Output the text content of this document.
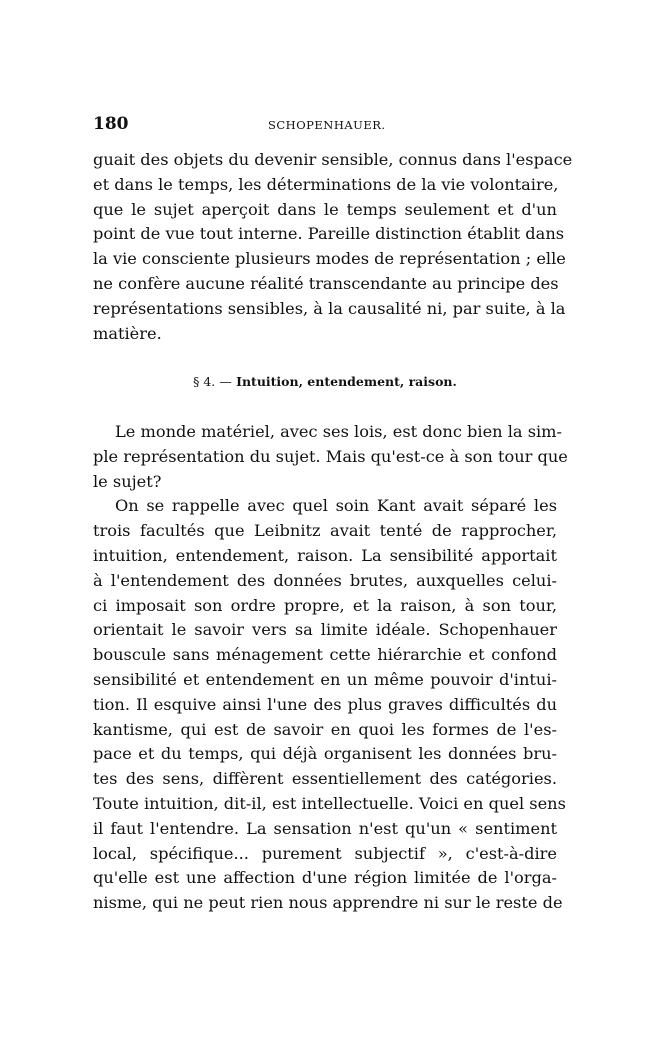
180	SCHOPENHAUER.
guait des objets du devenir sensible, connus dans l'espace
et dans le temps, les déterminations de la vie volontaire,
que le sujet aperçoit dans le temps seulement et d'un
point de vue tout interne. Pareille distinction établit dans
la vie consciente plusieurs modes de représentation ; elle
ne confère aucune réalité transcendante au principe des
représentations sensibles, à la causalité ni, par suite, à la
matière.
§ 4. — Intuition, entendement, raison.
Le monde matériel, avec ses lois, est donc bien la sim-
ple représentation du sujet. Mais qu'est-ce à son tour que
le sujet?
On se rappelle avec quel soin Kant avait séparé les
trois facultés que Leibnitz avait tenté de rapprocher,
intuition, entendement, raison. La sensibilité apportait
à l'entendement des données brutes, auxquelles celui-
ci imposait son ordre propre, et la raison, à son tour,
orientait le savoir vers sa limite idéale. Schopenhauer
bouscule sans ménagement cette hiérarchie et confond
sensibilité et entendement en un même pouvoir d'intui-
tion. Il esquive ainsi l'une des plus graves difficultés du
kantisme, qui est de savoir en quoi les formes de l'es-
pace et du temps, qui déjà organisent les données bru-
tes des sens, diffèrent essentiellement des catégories.
Toute intuition, dit-il, est intellectuelle. Voici en quel sens
il faut l'entendre. La sensation n'est qu'un « sentiment
local, spécifique... purement subjectif », c'est-à-dire
qu'elle est une affection d'une région limitée de l'orga-
nisme, qui ne peut rien nous apprendre ni sur le reste de
